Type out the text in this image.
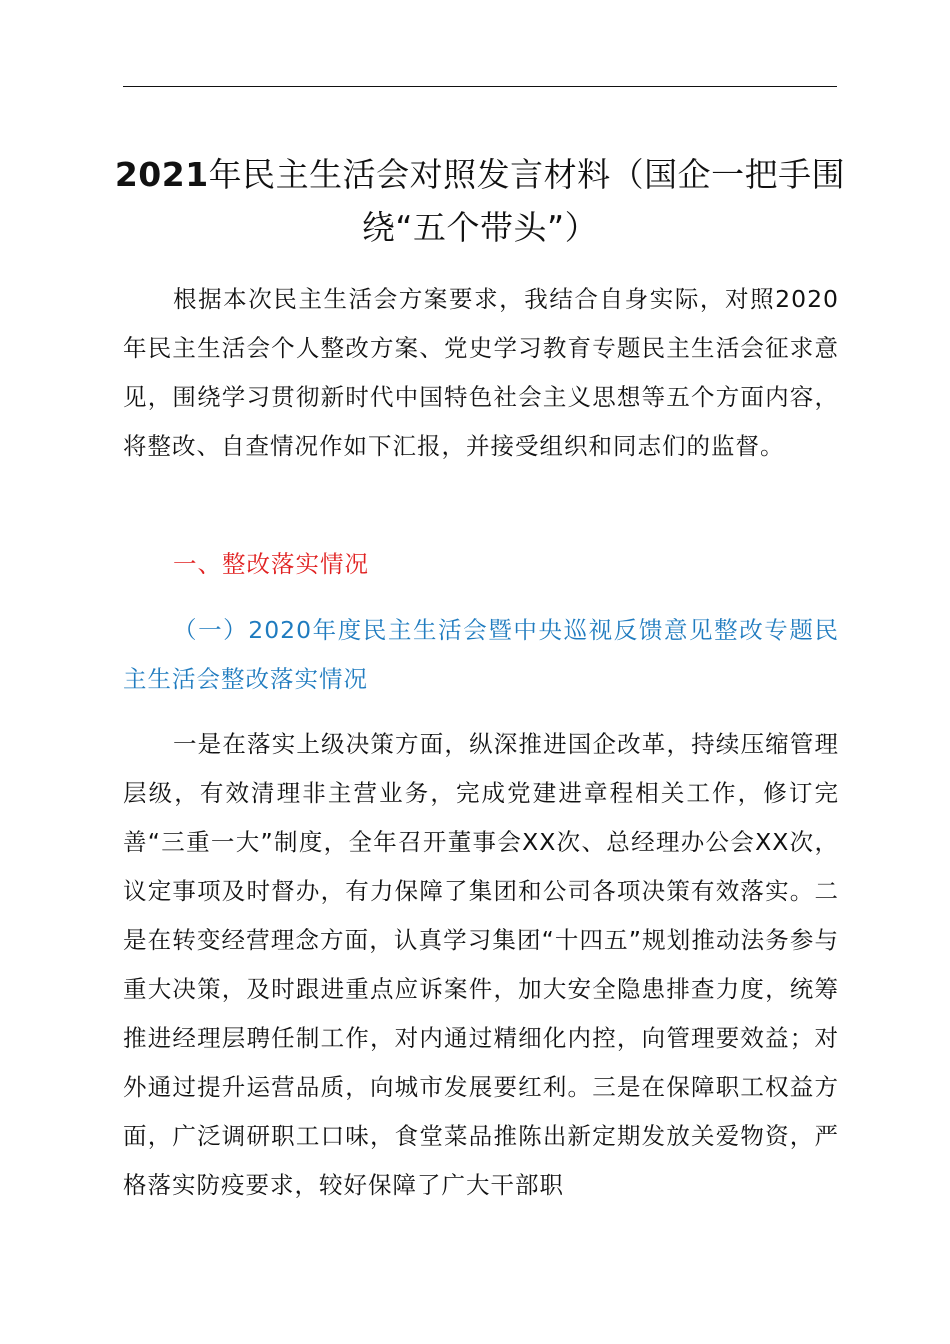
2021年民主生活会对照发言材料（国企一把手围绕“五个带头”）

根据本次民主生活会方案要求，我结合自身实际，对照2020年民主生活会个人整改方案、党史学习教育专题民主生活会征求意见，围绕学习贯彻新时代中国特色社会主义思想等五个方面内容，将整改、自查情况作如下汇报，并接受组织和同志们的监督。

一、整改落实情况
（一）2020年度民主生活会暨中央巡视反馈意见整改专题民主生活会整改落实情况

一是在落实上级决策方面，纵深推进国企改革，持续压缩管理层级，有效清理非主营业务，完成党建进章程相关工作，修订完善“三重一大”制度，全年召开董事会XX次、总经理办公会XX次，议定事项及时督办，有力保障了集团和公司各项决策有效落实。二是在转变经营理念方面，认真学习集团“十四五”规划推动法务参与重大决策，及时跟进重点应诉案件，加大安全隐患排查力度，统筹推进经理层聘任制工作，对内通过精细化内控，向管理要效益；对外通过提升运营品质，向城市发展要红利。三是在保障职工权益方面，广泛调研职工口味，食堂菜品推陈出新定期发放关爱物资，严格落实防疫要求，较好保障了广大干部职
